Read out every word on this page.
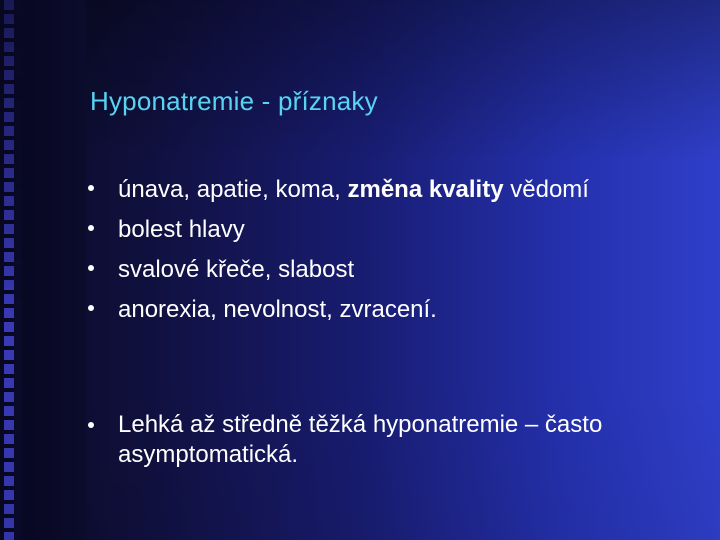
Hyponatremie - příznaky
únava, apatie, koma, změna kvality vědomí
bolest hlavy
svalové křeče, slabost
anorexia, nevolnost, zvracení.
Lehká až středně těžká hyponatremie – často
asymptomatická.
